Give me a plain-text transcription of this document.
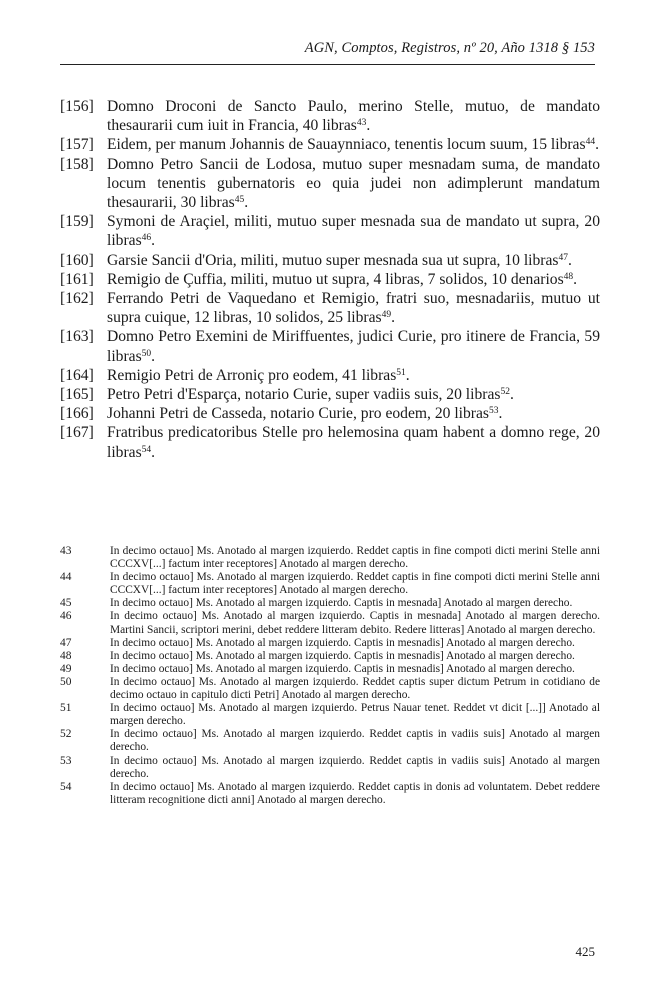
AGN, Comptos, Registros, nº 20, Año 1318 § 153

[156] Domno Droconi de Sancto Paulo, merino Stelle, mutuo, de mandato thesaurarii cum iuit in Francia, 40 libras$^{43}$.

[157] Eidem, per manum Johannis de Sauaynniaco, tenentis locum suum, 15 libras$^{44}$.

[158] Domno Petro Sancii de Lodosa, mutuo super mesnadam suma, de mandato locum tenentis gubernatoris eo quia judei non adimplerunt mandatum thesaurarii, 30 libras$^{45}$.

[159] Symoni de Araçiel, militi, mutuo super mesnada sua de mandato ut supra, 20 libras$^{46}$.

[160] Garsie Sancii d'Oria, militi, mutuo super mesnada sua ut supra, 10 libras$^{47}$.

[161] Remigio de Çuffia, militi, mutuo ut supra, 4 libras, 7 solidos, 10 denarios$^{48}$.

[162] Ferrando Petri de Vaquedano et Remigio, fratri suo, mesnadariis, mutuo ut supra cuique, 12 libras, 10 solidos, 25 libras$^{49}$.

[163] Domno Petro Exemini de Miriffuentes, judici Curie, pro itinere de Francia, 59 libras$^{50}$.

[164] Remigio Petri de Arroniç pro eodem, 41 libras$^{51}$.

[165] Petro Petri d'Esparça, notario Curie, super vadiis suis, 20 libras$^{52}$.

[166] Johanni Petri de Casseda, notario Curie, pro eodem, 20 libras$^{53}$.

[167] Fratribus predicatoribus Stelle pro helemosina quam habent a domno rege, 20 libras$^{54}$.

43	In decimo octauo] Ms. Anotado al margen izquierdo. Reddet captis in fine compoti dicti merini Stelle anni CCCXV[...] factum inter receptores] Anotado al margen derecho.

44	In decimo octauo] Ms. Anotado al margen izquierdo. Reddet captis in fine compoti dicti merini Stelle anni CCCXV[...] factum inter receptores] Anotado al margen derecho.

45	In decimo octauo] Ms. Anotado al margen izquierdo. Captis in mesnada] Anotado al margen derecho.

46	In decimo octauo] Ms. Anotado al margen izquierdo. Captis in mesnada] Anotado al margen derecho. Martini Sancii, scriptori merini, debet reddere litteram debito. Redere litteras] Anotado al margen derecho.

47	In decimo octauo] Ms. Anotado al margen izquierdo. Captis in mesnadis] Anotado al margen derecho.

48	In decimo octauo] Ms. Anotado al margen izquierdo. Captis in mesnadis] Anotado al margen derecho.

49	In decimo octauo] Ms. Anotado al margen izquierdo. Captis in mesnadis] Anotado al margen derecho.

50	In decimo octauo] Ms. Anotado al margen izquierdo. Reddet captis super dictum Petrum in cotidiano de decimo octauo in capitulo dicti Petri] Anotado al margen derecho.

51	In decimo octauo] Ms. Anotado al margen izquierdo. Petrus Nauar tenet. Reddet vt dicit [...]] Anotado al margen derecho.

52	In decimo octauo] Ms. Anotado al margen izquierdo. Reddet captis in vadiis suis] Anotado al margen derecho.

53	In decimo octauo] Ms. Anotado al margen izquierdo. Reddet captis in vadiis suis] Anotado al margen derecho.

54	In decimo octauo] Ms. Anotado al margen izquierdo. Reddet captis in donis ad voluntatem. Debet reddere litteram recognitione dicti anni] Anotado al margen derecho.

425
